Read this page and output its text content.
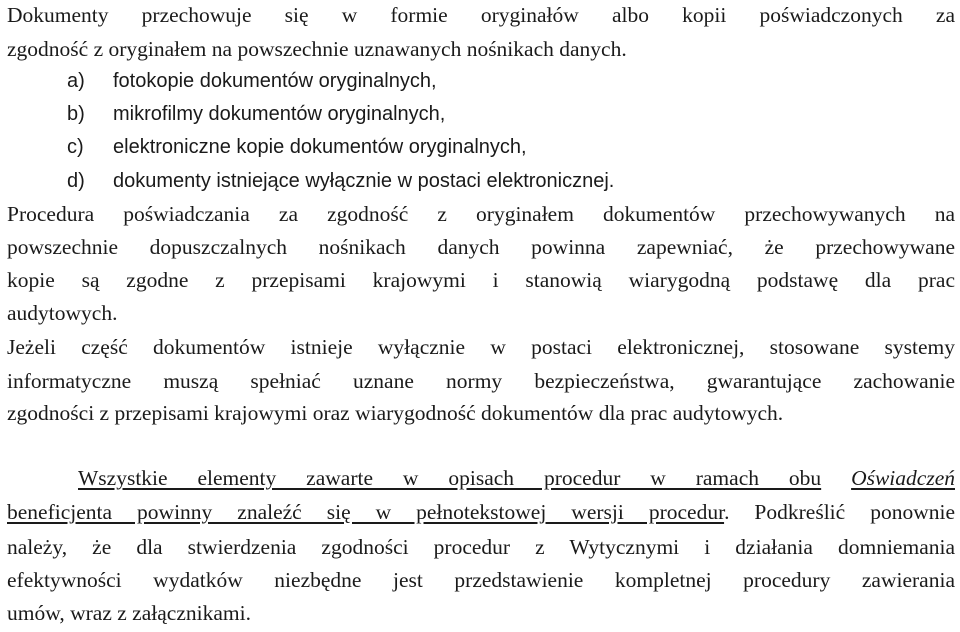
Dokumenty przechowuje się w formie oryginałów albo kopii poświadczonych za
zgodność z oryginałem na powszechnie uznawanych nośnikach danych.
a) fotokopie dokumentów oryginalnych,
b) mikrofilmy dokumentów oryginalnych,
c) elektroniczne kopie dokumentów oryginalnych,
d) dokumenty istniejące wyłącznie w postaci elektronicznej.
Procedura poświadczania za zgodność z oryginałem dokumentów przechowywanych na
powszechnie dopuszczalnych nośnikach danych powinna zapewniać, że przechowywane
kopie są zgodne z przepisami krajowymi i stanowią wiarygodną podstawę dla prac
audytowych.
Jeżeli część dokumentów istnieje wyłącznie w postaci elektronicznej, stosowane systemy
informatyczne muszą spełniać uznane normy bezpieczeństwa, gwarantujące zachowanie
zgodności z przepisami krajowymi oraz wiarygodność dokumentów dla prac audytowych.
Wszystkie elementy zawarte w opisach procedur w ramach obu Oświadczeń
beneficjenta powinny znaleźć się w pełnotekstowej wersji procedur. Podkreślić ponownie
należy, że dla stwierdzenia zgodności procedur z Wytycznymi i działania domniemania
efektywności wydatków niezbędne jest przedstawienie kompletnej procedury zawierania
umów, wraz z załącznikami.
